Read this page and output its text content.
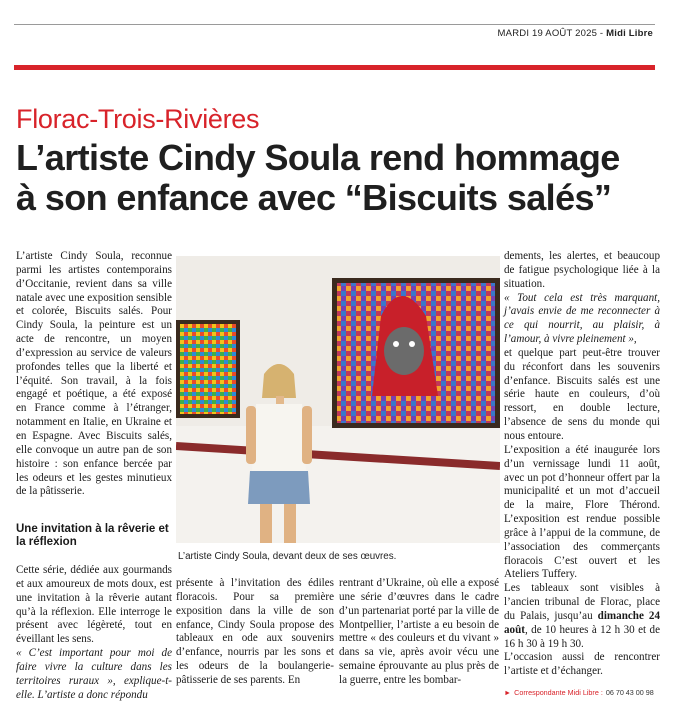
MARDI 19 AOÛT 2025 - Midi Libre
Florac-Trois-Rivières
L’artiste Cindy Soula rend hommage
à son enfance avec “Biscuits salés”

L’artiste Cindy Soula, reconnue parmi les artistes contemporains d’Occitanie, revient dans sa ville natale avec une exposition sensible et colorée, Biscuits salés. Pour Cindy Soula, la peinture est un acte de rencontre, un moyen d’expression au service de valeurs profondes telles que la liberté et l’équité. Son travail, à la fois engagé et poétique, a été exposé en France comme à l’étranger, notamment en Italie, en Ukraine et en Espagne. Avec Biscuits salés, elle convoque un autre pan de son histoire : son enfance bercée par les odeurs et les gestes minutieux de la pâtisserie.

Une invitation à la rêverie et la réflexion

Cette série, dédiée aux gourmands et aux amoureux de mots doux, est une invitation à la rêverie autant qu’à la réflexion. Elle interroge le présent avec légèreté, tout en éveillant les sens.

« C’est important pour moi de faire vivre la culture dans les territoires ruraux », explique-t-elle. L’artiste a donc répondu

L’artiste Cindy Soula, devant deux de ses œuvres.

présente à l’invitation des édiles floracois. Pour sa première exposition dans la ville de son enfance, Cindy Soula propose des tableaux en ode aux souvenirs d’enfance, nourris par les sons et les odeurs de la boulangerie-pâtisserie de ses parents. En

rentrant d’Ukraine, où elle a exposé une série d’œuvres dans le cadre d’un partenariat porté par la ville de Montpellier, l’artiste a eu besoin de mettre « des couleurs et du vivant » dans sa vie, après avoir vécu une semaine éprouvante au plus près de la guerre, entre les bombar-

dements, les alertes, et beaucoup de fatigue psychologique liée à la situation.

« Tout cela est très marquant, j’avais envie de me reconnecter à ce qui nourrit, au plaisir, à l’amour, à vivre pleinement »,

et quelque part peut-être trouver du réconfort dans les souvenirs d’enfance. Biscuits salés est une série haute en couleurs, d’où ressort, en double lecture, l’absence de sens du monde qui nous entoure.

L’exposition a été inaugurée lors d’un vernissage lundi 11 août, avec un pot d’honneur offert par la municipalité et un mot d’accueil de la maire, Flore Thérond. L’exposition est rendue possible grâce à l’appui de la commune, de l’association des commerçants floracois C’est ouvert et les Ateliers Tuffery.

Les tableaux sont visibles à l’ancien tribunal de Florac, place du Palais, jusqu’au dimanche 24 août, de 10 heures à 12 h 30 et de 16 h 30 à 19 h 30.

L’occasion aussi de rencontrer l’artiste et d’échanger.

► Correspondante Midi Libre : 06 70 43 00 98
